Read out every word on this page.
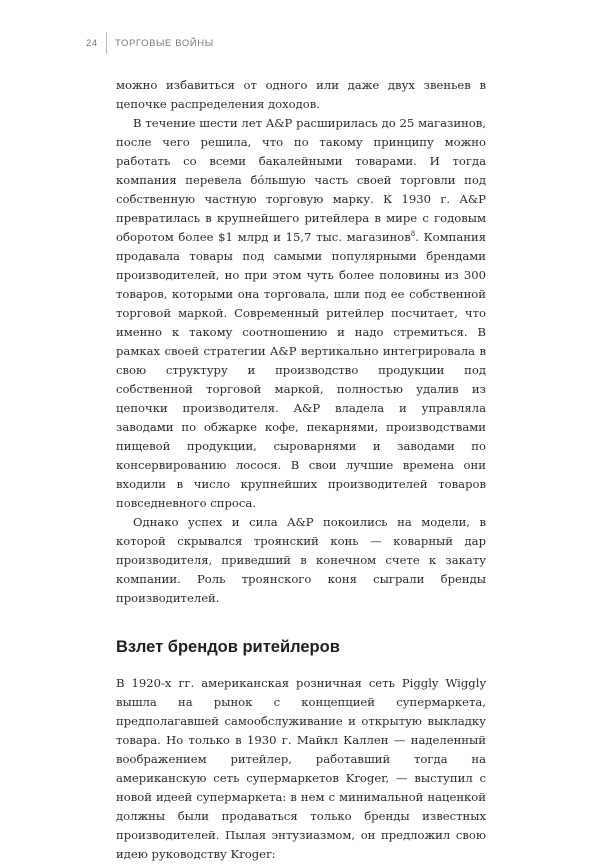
24	ТОРГОВЫЕ ВОЙНЫ

можно избавиться от одного или даже двух звеньев в цепочке распределения доходов.

В течение шести лет A&P расширилась до 25 магазинов, после чего решила, что по такому принципу можно работать со всеми бакалейными товарами. И тогда компания перевела бóльшую часть своей торговли под собственную частную торговую марку. К 1930 г. A&P превратилась в крупнейшего ритейлера в мире с годовым оборотом более $1 млрд и 15,7 тыс. магазинов$^8$. Компания продавала товары под самыми популярными брендами производителей, но при этом чуть более половины из 300 товаров, которыми она торговала, шли под ее собственной торговой маркой. Современный ритейлер посчитает, что именно к такому соотношению и надо стремиться. В рамках своей стратегии A&P вертикально интегрировала в свою структуру и производство продукции под собственной торговой маркой, полностью удалив из цепочки производителя. A&P владела и управляла заводами по обжарке кофе, пекарнями, производствами пищевой продукции, сыроварнями и заводами по консервированию лосося. В свои лучшие времена они входили в число крупнейших производителей товаров повседневного спроса.

Однако успех и сила A&P покоились на модели, в которой скрывался троянский конь — коварный дар производителя, приведший в конечном счете к закату компании. Роль троянского коня сыграли бренды производителей.

Взлет брендов ритейлеров

В 1920-х гг. американская розничная сеть Piggly Wiggly вышла на рынок с концепцией супермаркета, предполагавшей самообслуживание и открытую выкладку товара. Но только в 1930 г. Майкл Каллен — наделенный воображением ритейлер, работавший тогда на американскую сеть супермаркетов Kroger, — выступил с новой идеей супермаркета: в нем с минимальной наценкой должны были продаваться только бренды известных производителей. Пылая энтузиазмом, он предложил свою идею руководству Kroger:
